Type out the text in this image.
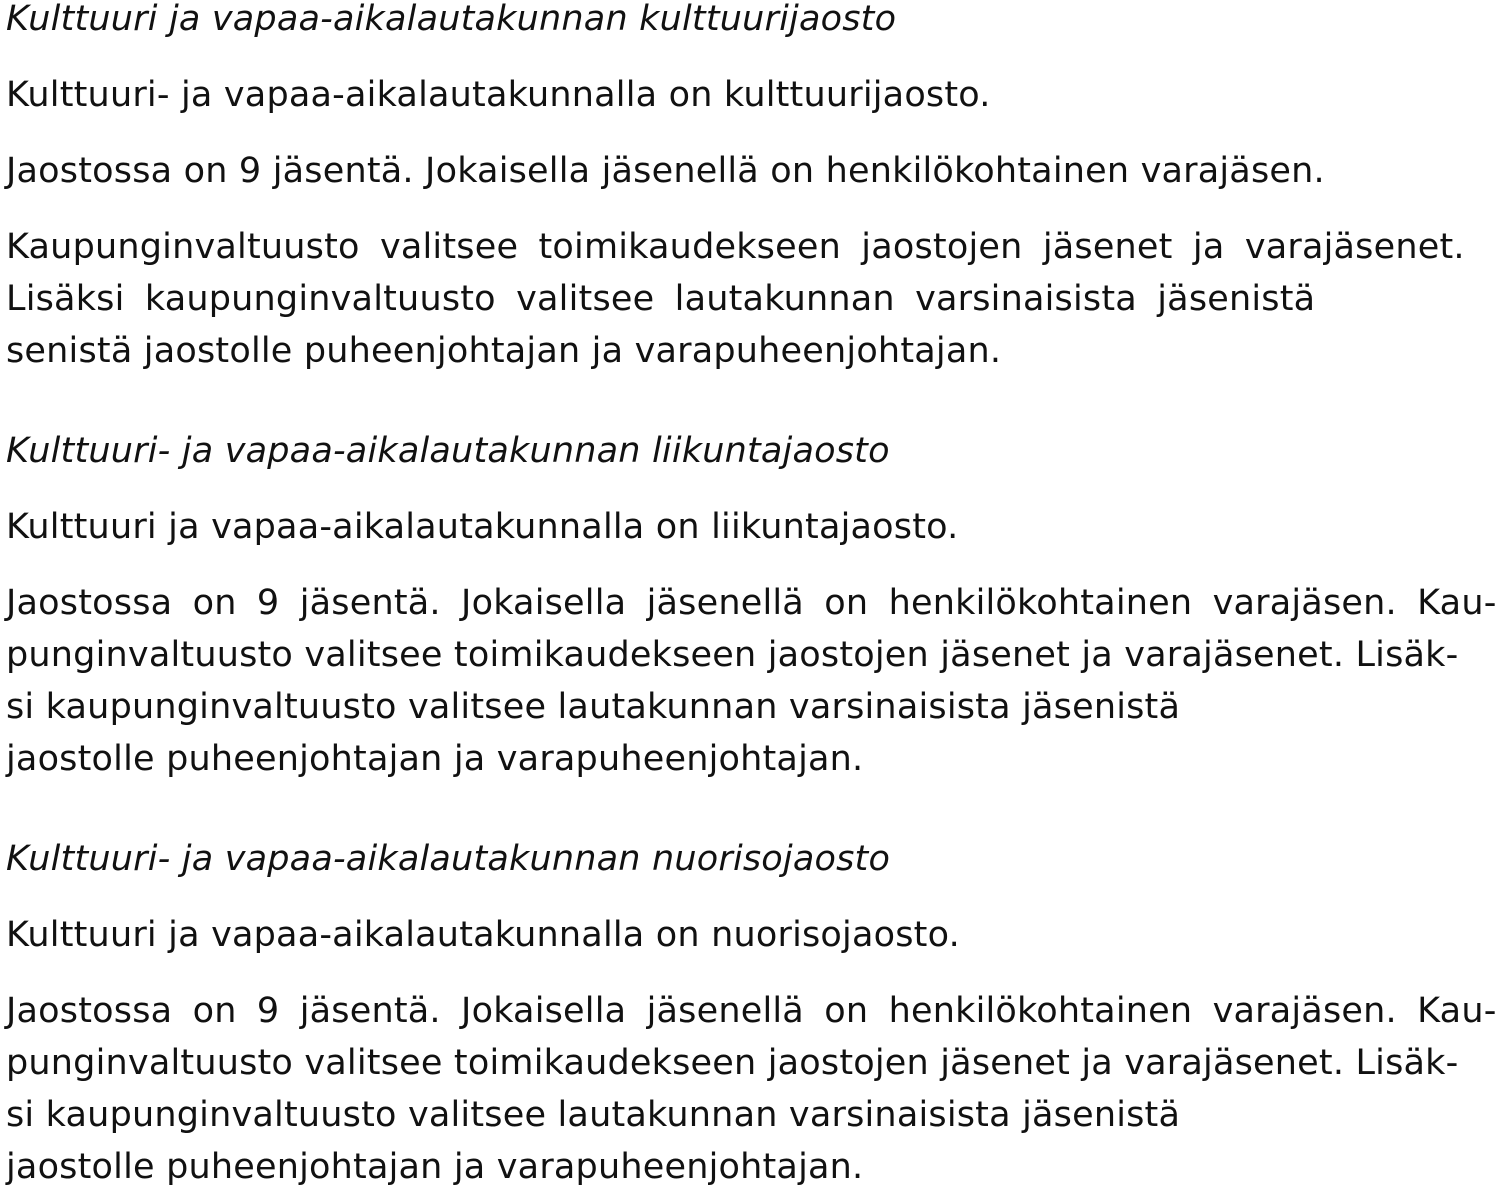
Kulttuuri ja vapaa-aikalautakunnan kulttuurijaosto
Kulttuuri- ja vapaa-aikalautakunnalla on kulttuurijaosto.
Jaostossa on 9 jäsentä. Jokaisella jäsenellä on henkilökohtainen varajäsen.
Kaupunginvaltuusto valitsee toimikaudekseen jaostojen jäsenet ja varajäsenet.
Lisäksi kaupunginvaltuusto valitsee lautakunnan varsinaisista jäsenistä
senistä jaostolle puheenjohtajan ja varapuheenjohtajan.
Kulttuuri- ja vapaa-aikalautakunnan liikuntajaosto
Kulttuuri ja vapaa-aikalautakunnalla on liikuntajaosto.
Jaostossa on 9 jäsentä. Jokaisella jäsenellä on henkilökohtainen varajäsen. Kau-
punginvaltuusto valitsee toimikaudekseen jaostojen jäsenet ja varajäsenet. Lisäk-
si kaupunginvaltuusto valitsee lautakunnan varsinaisista jäsenistä
jaostolle puheenjohtajan ja varapuheenjohtajan.
Kulttuuri- ja vapaa-aikalautakunnan nuorisojaosto
Kulttuuri ja vapaa-aikalautakunnalla on nuorisojaosto.
Jaostossa on 9 jäsentä. Jokaisella jäsenellä on henkilökohtainen varajäsen. Kau-
punginvaltuusto valitsee toimikaudekseen jaostojen jäsenet ja varajäsenet. Lisäk-
si kaupunginvaltuusto valitsee lautakunnan varsinaisista jäsenistä
jaostolle puheenjohtajan ja varapuheenjohtajan.
